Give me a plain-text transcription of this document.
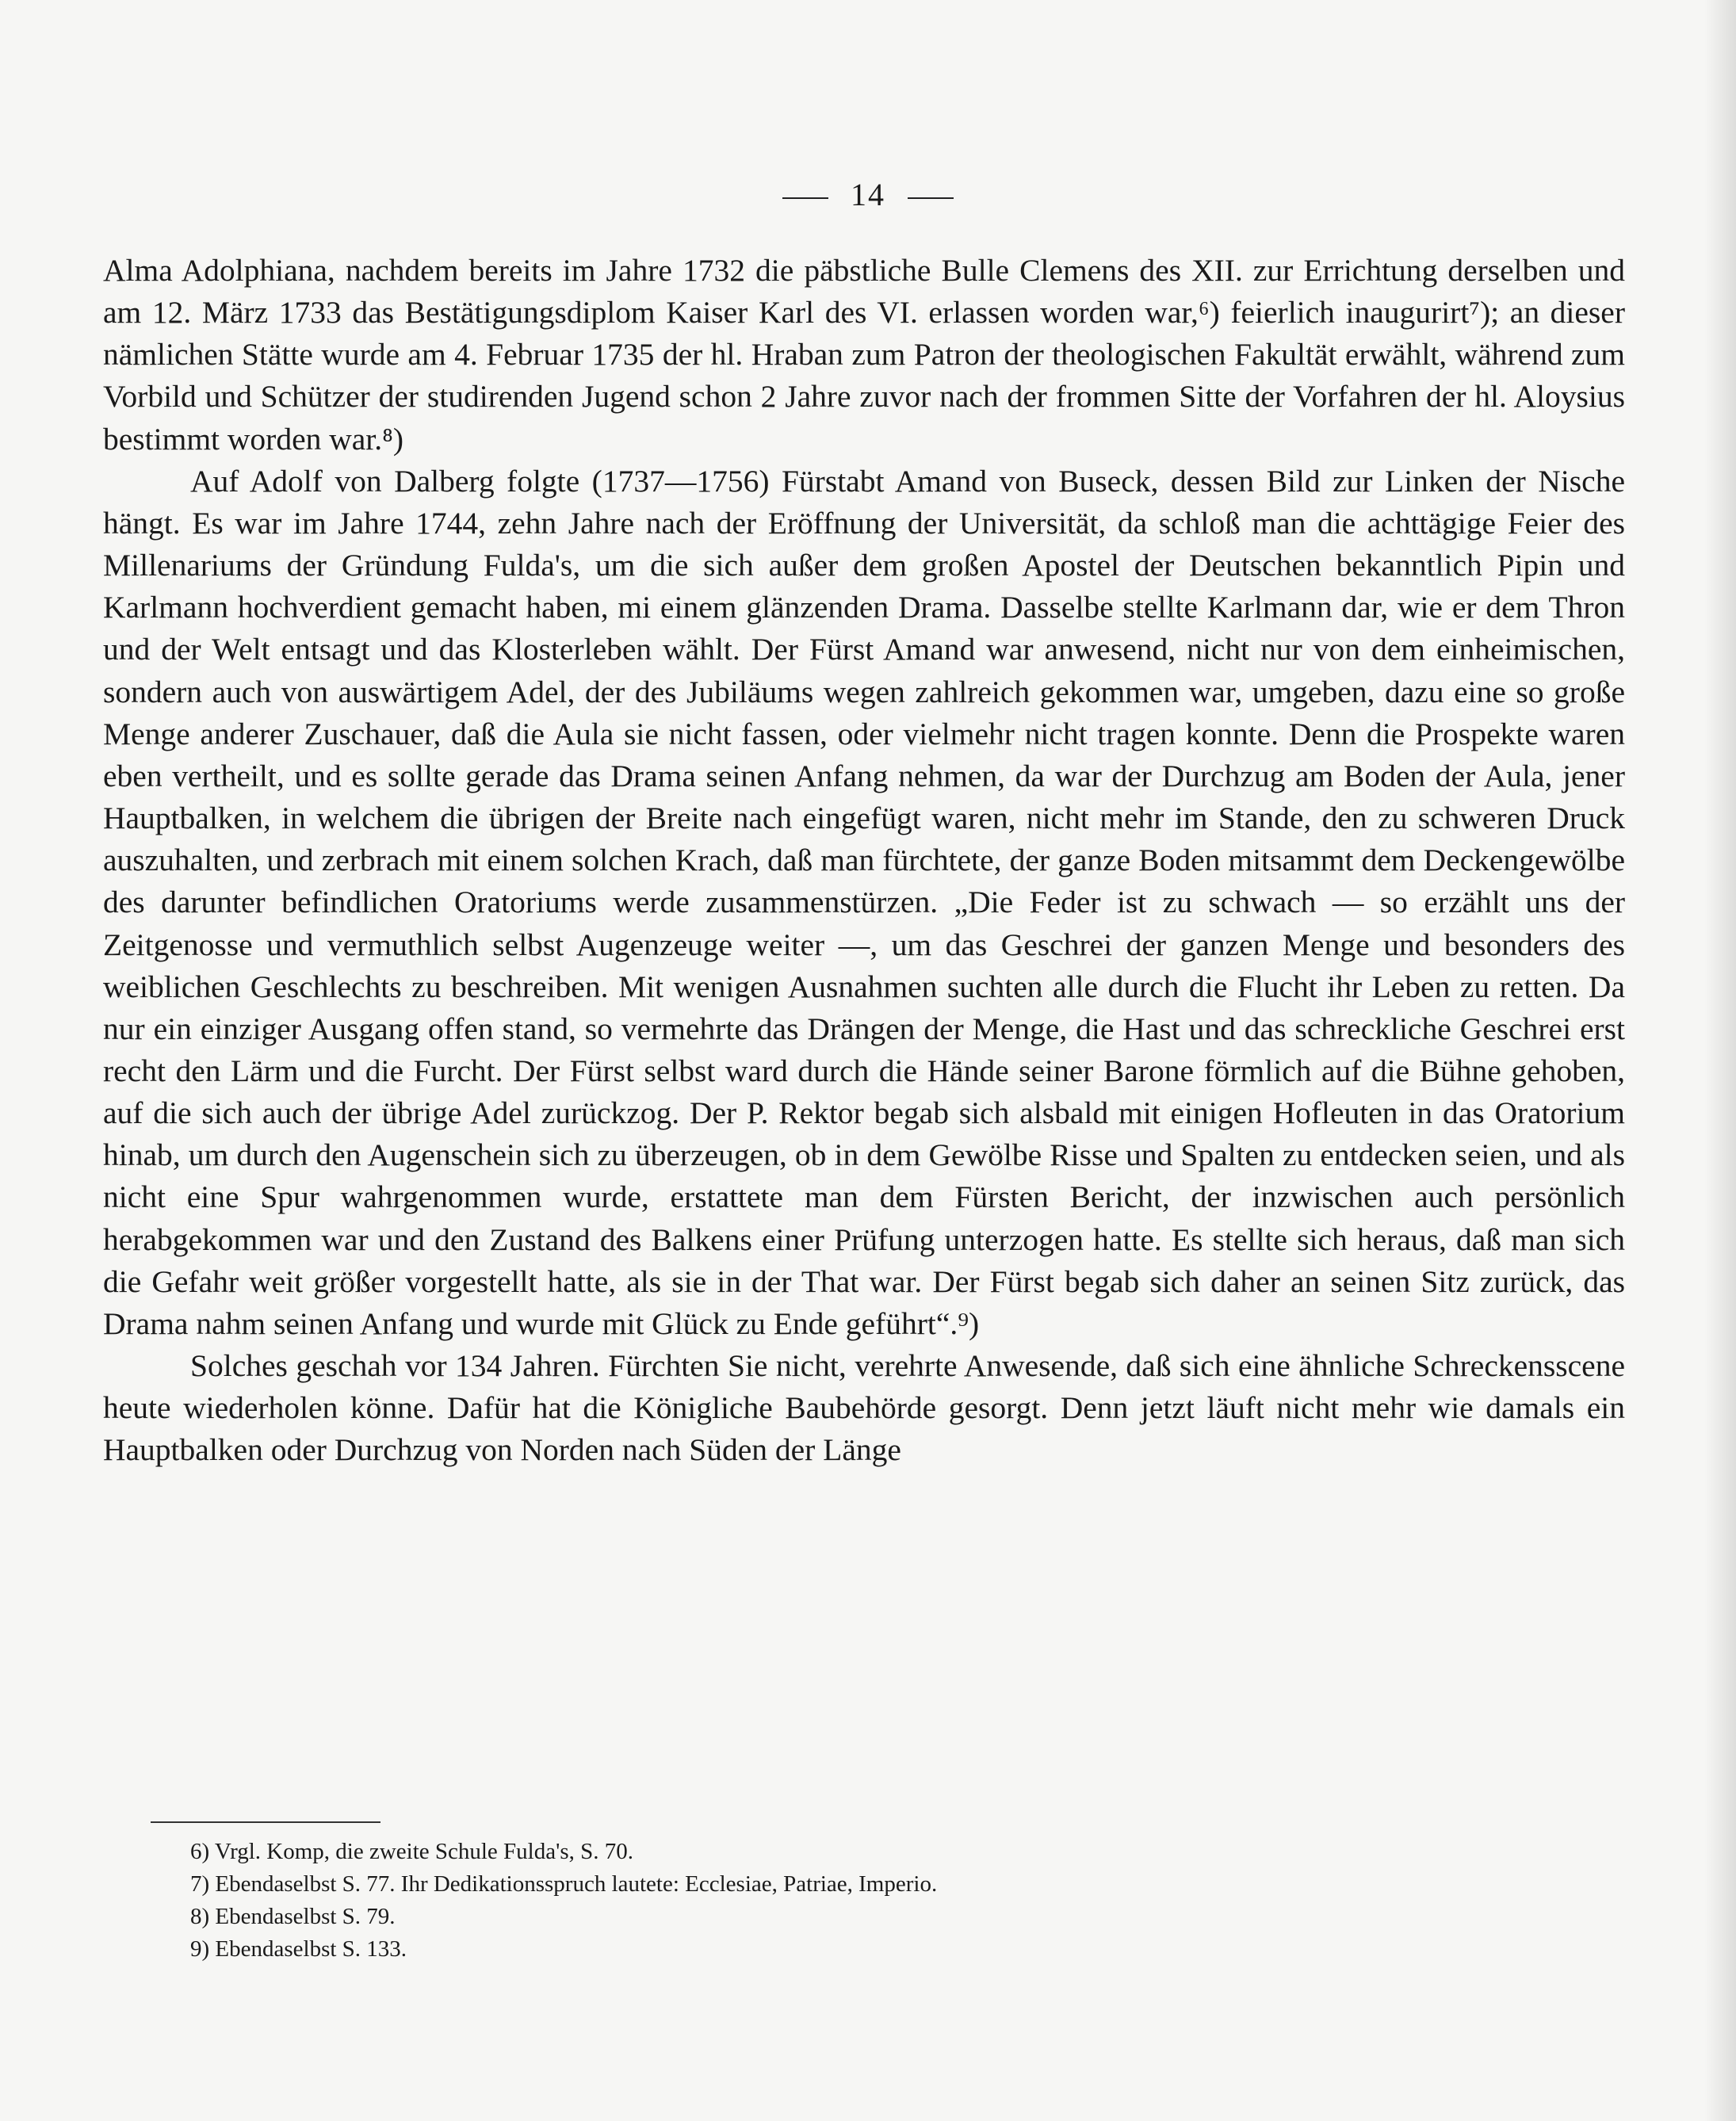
14

Alma Adolphiana, nachdem bereits im Jahre 1732 die päbstliche Bulle Clemens des XII. zur Errichtung derselben und am 12. März 1733 das Bestätigungsdiplom Kaiser Karl des VI. erlassen worden war,⁶) feierlich inaugurirt⁷); an dieser nämlichen Stätte wurde am 4. Februar 1735 der hl. Hraban zum Patron der theologischen Fakultät erwählt, während zum Vorbild und Schützer der studirenden Jugend schon 2 Jahre zuvor nach der frommen Sitte der Vorfahren der hl. Aloysius bestimmt worden war.⁸)

Auf Adolf von Dalberg folgte (1737—1756) Fürstabt Amand von Buseck, dessen Bild zur Linken der Nische hängt. Es war im Jahre 1744, zehn Jahre nach der Eröffnung der Universität, da schloß man die achttägige Feier des Millenariums der Gründung Fulda's, um die sich außer dem großen Apostel der Deutschen bekanntlich Pipin und Karlmann hochverdient gemacht haben, mi einem glänzenden Drama. Dasselbe stellte Karlmann dar, wie er dem Thron und der Welt entsagt und das Klosterleben wählt. Der Fürst Amand war anwesend, nicht nur von dem einheimischen, sondern auch von auswärtigem Adel, der des Jubiläums wegen zahlreich gekommen war, umgeben, dazu eine so große Menge anderer Zuschauer, daß die Aula sie nicht fassen, oder vielmehr nicht tragen konnte. Denn die Prospekte waren eben vertheilt, und es sollte gerade das Drama seinen Anfang nehmen, da war der Durchzug am Boden der Aula, jener Hauptbalken, in welchem die übrigen der Breite nach eingefügt waren, nicht mehr im Stande, den zu schweren Druck auszuhalten, und zerbrach mit einem solchen Krach, daß man fürchtete, der ganze Boden mitsammt dem Deckengewölbe des darunter befindlichen Oratoriums werde zusammenstürzen. „Die Feder ist zu schwach — so erzählt uns der Zeitgenosse und vermuthlich selbst Augenzeuge weiter —, um das Geschrei der ganzen Menge und besonders des weiblichen Geschlechts zu beschreiben. Mit wenigen Ausnahmen suchten alle durch die Flucht ihr Leben zu retten. Da nur ein einziger Ausgang offen stand, so vermehrte das Drängen der Menge, die Hast und das schreckliche Geschrei erst recht den Lärm und die Furcht. Der Fürst selbst ward durch die Hände seiner Barone förmlich auf die Bühne gehoben, auf die sich auch der übrige Adel zurückzog. Der P. Rektor begab sich alsbald mit einigen Hofleuten in das Oratorium hinab, um durch den Augenschein sich zu überzeugen, ob in dem Gewölbe Risse und Spalten zu entdecken seien, und als nicht eine Spur wahrgenommen wurde, erstattete man dem Fürsten Bericht, der inzwischen auch persönlich herabgekommen war und den Zustand des Balkens einer Prüfung unterzogen hatte. Es stellte sich heraus, daß man sich die Gefahr weit größer vorgestellt hatte, als sie in der That war. Der Fürst begab sich daher an seinen Sitz zurück, das Drama nahm seinen Anfang und wurde mit Glück zu Ende geführt“.⁹)

Solches geschah vor 134 Jahren. Fürchten Sie nicht, verehrte Anwesende, daß sich eine ähnliche Schreckensscene heute wiederholen könne. Dafür hat die Königliche Baubehörde gesorgt. Denn jetzt läuft nicht mehr wie damals ein Hauptbalken oder Durchzug von Norden nach Süden der Länge

6) Vrgl. Komp, die zweite Schule Fulda's, S. 70.
7) Ebendaselbst S. 77. Ihr Dedikationsspruch lautete: Ecclesiae, Patriae, Imperio.
8) Ebendaselbst S. 79.
9) Ebendaselbst S. 133.
